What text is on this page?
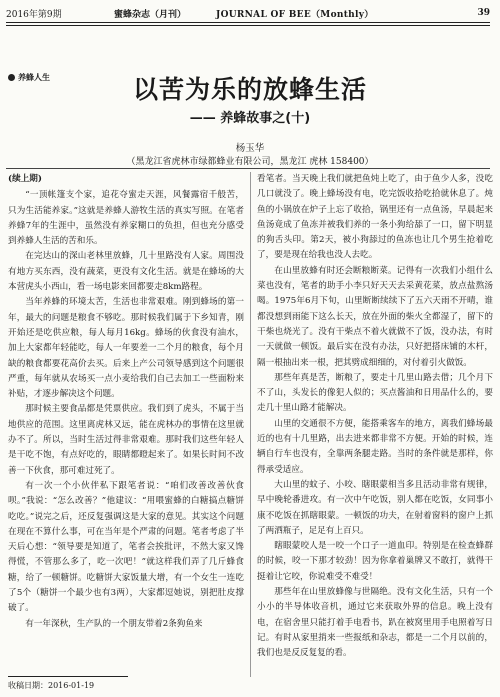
2016年第9期	蜜蜂杂志（月刊）	JOURNAL OF BEE（Monthly）	39
养蜂人生	以苦为乐的放蜂生活
—— 养蜂故事之(十)
杨玉华
（黑龙江省虎林市绿都蜂业有限公司，黑龙江 虎林 158400）

(续上期)

“一顶帐篷支个家，追花夺蜜走天涯，风餐露宿千般苦，只为生活能养家。”这就是养蜂人游牧生活的真实写照。在笔者养蜂7年的生涯中，虽然没有养家糊口的负担，但也充分感受到养蜂人生活的苦和乐。

在完达山的深山老林里放蜂，几十里路没有人家。周围没有地方买东西，没有蔬菜，更没有文化生活。就是在蜂场的大本营虎头小西山，看一场电影来回都要走8km路程。

当年养蜂的环境太苦，生活也非常艰难。刚到蜂场的第一年，最大的问题是粮食不够吃。那时候我们属于下乡知青，刚开始还是吃供应粮，每人每月16kg。蜂场的伙食没有油水，加上大家都年轻能吃，每人一年要差一二个月的粮食，每个月缺的粮食都要花高价去买。后来上产公司领导感到这个问题很严重，每年就从农场买一点小麦给我们自己去加工一些面粉来补贴，才逐步解决这个问题。

那时候主要食品都是凭票供应。我们到了虎头，不属于当地供应的范围。这里离虎林又远，能在虎林办的事情在这里就办不了。所以，当时生活过得非常艰难。那时我们这些年轻人是干吃不饱，有点好吃的，眼睛都瞪起来了。如果长时间不改善一下伙食，那可难过死了。

有一次一个小伙伴私下跟笔者说：“咱们改善改善伙食呗。”我说：“怎么改善？”他建议：“用喂蜜蜂的白糖搞点糖饼吃吃。”说完之后，还反复强调这是大家的意见。其实这个问题在现在不算什么事，可在当年是个严肃的问题。笔者考虑了半天后心想：“领导要是知道了，笔者会挨批评，不然大家又馋得慌，不管那么多了，吃一次吧！”就这样我们弄了几斤蜂食糖，给了一顿糖饼。吃糖饼大家饭量大增，有一个女生一连吃了5个（糖饼一个最少也有3两），大家都逗她说，别把肚皮撑破了。

有一年深秋，生产队的一个朋友带着2条狗鱼来

看笔者。当天晚上我们就把鱼炖上吃了，由于鱼少人多，没吃几口就没了。晚上蜂场没有电，吃完饭收拾吃拾就休息了。炖鱼的小锅放在炉子上忘了收拾，锅里还有一点鱼汤，早晨起来鱼汤竟成了鱼冻并被我们养的一条小狗给舔了一口，留下明显的狗舌头印。第2天，被小狗舔过的鱼冻也让几个男生抢着吃了，要是现在给我也没人去吃。

在山里放蜂有时还会断粮断菜。记得有一次我们小组什么菜也没有，笔者的助手小李只好天天去采黄花菜，放点盐熬汤喝。1975年6月下旬，山里断断续续下了五六天雨不开晴，谁都没想到雨能下这么长天，放在外面的柴火全都湿了，留下的干柴也烧光了。没有干柴点不着火就做不了饭，没办法，有时一天就做一顿饭。最后实在没有办法，只好把搭床铺的木杆，隔一根抽出来一根，把其劈成细细的，对付着引火做饭。

那些年真是苦，断粮了，要走十几里山路去借；几个月下不了山，头发长的像犯人似的；买点酱油和日用品什么的，要走几十里山路才能解决。

山里的交通很不方便，能搭乘客车的地方，离我们蜂场最近的也有十几里路，出去进来都非常不方便。开始的时候，连辆自行车也没有，全靠两条腿走路。当时的条件就是那样，你得承受适应。

大山里的蚊子、小咬、瞎眼蒙相当多且活动非常有规律，早中晚轮番进攻。有一次中午吃饭，别人都在吃饭，女同事小康不吃饭在抓瞎眼蒙。一顿饭的功夫，在射着窗料的窗户上抓了两洒瓶子，足足有上百只。

瞎眼蒙咬人是一咬一个口子一道血印。特别是在检查蜂群的时候，咬一下那才较劲！因为你拿着巢牌又不敢打，就得干挺着让它咬，你说难受不难受！

那些年在山里放蜂像与世隔绝。没有文化生活，只有一个小小的半导体收音机，通过它来获取外界的信息。晚上没有电，在宿舍里只能打着手电看书，趴在被窝里用手电照着写日记。有时从家里捎来一些报纸和杂志，都是一二个月以前的，我们也是反反复复的看。

收稿日期：2016-01-19
